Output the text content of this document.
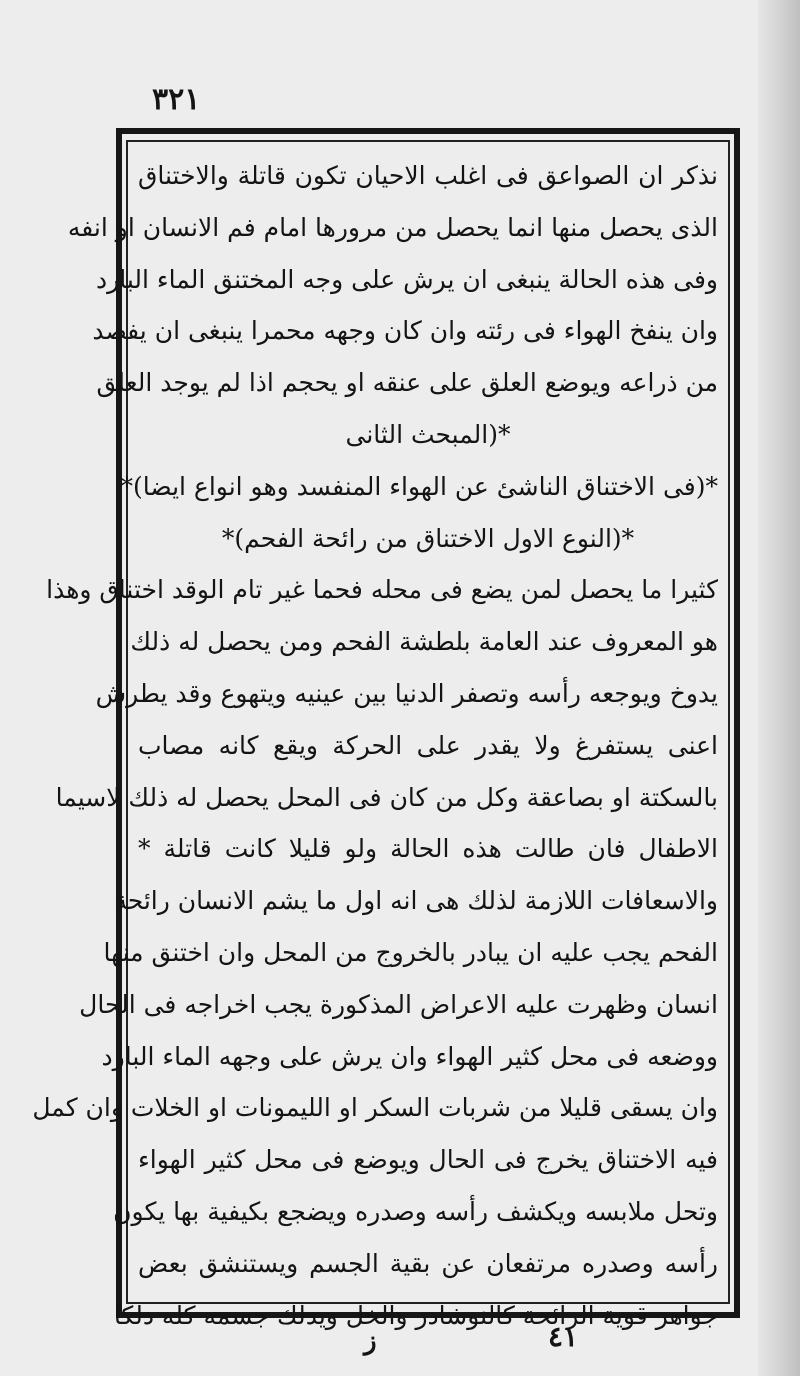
٣٢١
نذكر ان الصواعق فى اغلب الاحيان تكون قاتلة والاختناق
الذى يحصل منها انما يحصل من مرورها امام فم الانسان او انفه
وفى هذه الحالة ينبغى ان يرش على وجه المختنق الماء البارد
وان ينفخ الهواء فى رئته وان كان وجهه محمرا ينبغى ان يفصد
من ذراعه ويوضع العلق على عنقه او يحجم اذا لم يوجد العلق
*(المبحث الثانى
*(فى الاختناق الناشئ عن الهواء المنفسد وهو انواع ايضا)*
*(النوع الاول الاختناق من رائحة الفحم)*
كثيرا ما يحصل لمن يضع فى محله فحما غير تام الوقد اختناق وهذا
هو المعروف عند العامة بلطشة الفحم ومن يحصل له ذلك
يدوخ ويوجعه رأسه وتصفر الدنيا بين عينيه ويتهوع وقد يطرش
اعنى يستفرغ ولا يقدر على الحركة ويقع كانه مصاب
بالسكتة او بصاعقة وكل من كان فى المحل يحصل له ذلك لاسيما
الاطفال فان طالت هذه الحالة ولو قليلا كانت قاتلة *
والاسعافات اللازمة لذلك هى انه اول ما يشم الانسان رائحة
الفحم يجب عليه ان يبادر بالخروج من المحل وان اختنق منها
انسان وظهرت عليه الاعراض المذكورة يجب اخراجه فى الحال
ووضعه فى محل كثير الهواء وان يرش على وجهه الماء البارد
وان يسقى قليلا من شربات السكر او الليمونات او الخلات وان كمل
فيه الاختناق يخرج فى الحال ويوضع فى محل كثير الهواء
وتحل ملابسه ويكشف رأسه وصدره ويضجع بكيفية بها يكون
رأسه وصدره مرتفعان عن بقية الجسم ويستنشق بعض
جواهر قوية الرائحة كالنوشادر والخل ويدلك جسمه كله دلكا
ز	٤١
